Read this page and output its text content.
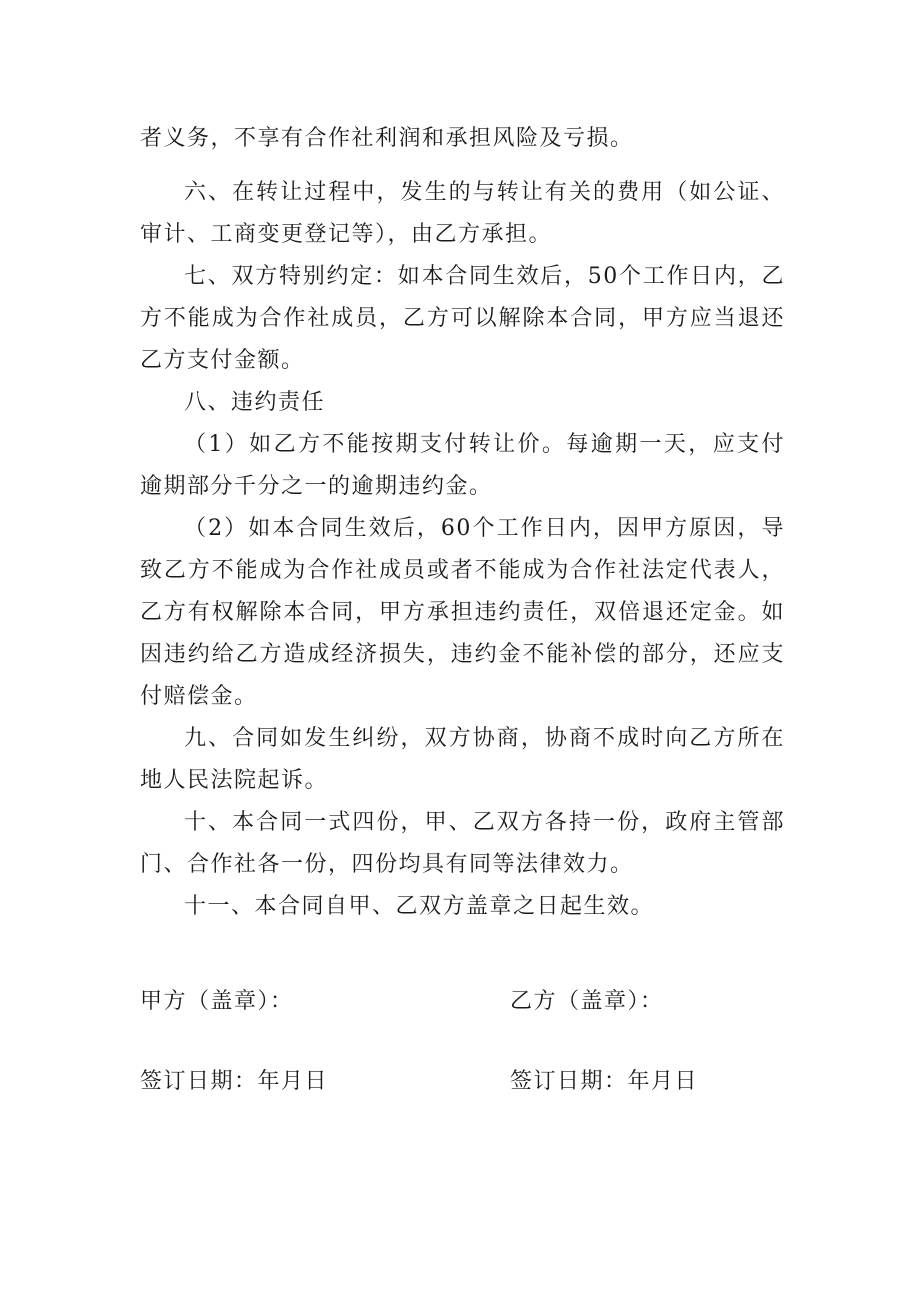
者义务，不享有合作社利润和承担风险及亏损。

六、在转让过程中，发生的与转让有关的费用（如公证、审计、工商变更登记等），由乙方承担。

七、双方特别约定：如本合同生效后，50个工作日内，乙方不能成为合作社成员，乙方可以解除本合同，甲方应当退还乙方支付金额。

八、违约责任

（1）如乙方不能按期支付转让价。每逾期一天，应支付逾期部分千分之一的逾期违约金。

（2）如本合同生效后，60个工作日内，因甲方原因，导致乙方不能成为合作社成员或者不能成为合作社法定代表人，乙方有权解除本合同，甲方承担违约责任，双倍退还定金。如因违约给乙方造成经济损失，违约金不能补偿的部分，还应支付赔偿金。

九、合同如发生纠纷，双方协商，协商不成时向乙方所在地人民法院起诉。

十、本合同一式四份，甲、乙双方各持一份，政府主管部门、合作社各一份，四份均具有同等法律效力。

十一、本合同自甲、乙双方盖章之日起生效。

甲方（盖章）：	乙方（盖章）：
签订日期：年月日	签订日期：年月日
